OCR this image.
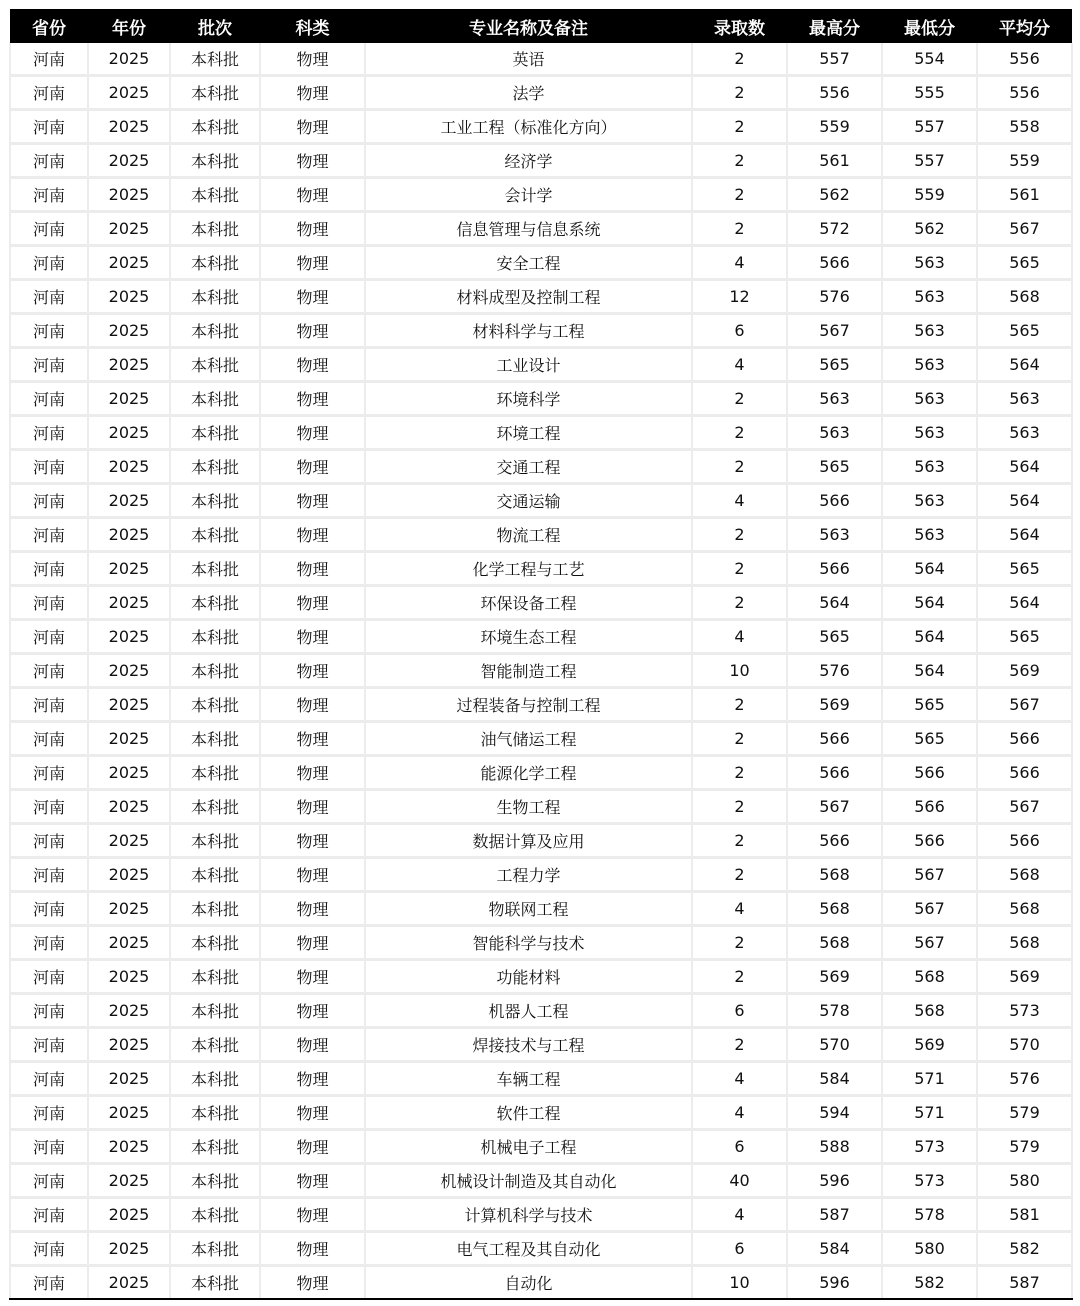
省份	年份	批次	科类	专业名称及备注	录取数	最高分	最低分	平均分
河南	2025	本科批	物理	英语	2	557	554	556
河南	2025	本科批	物理	法学	2	556	555	556
河南	2025	本科批	物理	工业工程（标准化方向）	2	559	557	558
河南	2025	本科批	物理	经济学	2	561	557	559
河南	2025	本科批	物理	会计学	2	562	559	561
河南	2025	本科批	物理	信息管理与信息系统	2	572	562	567
河南	2025	本科批	物理	安全工程	4	566	563	565
河南	2025	本科批	物理	材料成型及控制工程	12	576	563	568
河南	2025	本科批	物理	材料科学与工程	6	567	563	565
河南	2025	本科批	物理	工业设计	4	565	563	564
河南	2025	本科批	物理	环境科学	2	563	563	563
河南	2025	本科批	物理	环境工程	2	563	563	563
河南	2025	本科批	物理	交通工程	2	565	563	564
河南	2025	本科批	物理	交通运输	4	566	563	564
河南	2025	本科批	物理	物流工程	2	563	563	564
河南	2025	本科批	物理	化学工程与工艺	2	566	564	565
河南	2025	本科批	物理	环保设备工程	2	564	564	564
河南	2025	本科批	物理	环境生态工程	4	565	564	565
河南	2025	本科批	物理	智能制造工程	10	576	564	569
河南	2025	本科批	物理	过程装备与控制工程	2	569	565	567
河南	2025	本科批	物理	油气储运工程	2	566	565	566
河南	2025	本科批	物理	能源化学工程	2	566	566	566
河南	2025	本科批	物理	生物工程	2	567	566	567
河南	2025	本科批	物理	数据计算及应用	2	566	566	566
河南	2025	本科批	物理	工程力学	2	568	567	568
河南	2025	本科批	物理	物联网工程	4	568	567	568
河南	2025	本科批	物理	智能科学与技术	2	568	567	568
河南	2025	本科批	物理	功能材料	2	569	568	569
河南	2025	本科批	物理	机器人工程	6	578	568	573
河南	2025	本科批	物理	焊接技术与工程	2	570	569	570
河南	2025	本科批	物理	车辆工程	4	584	571	576
河南	2025	本科批	物理	软件工程	4	594	571	579
河南	2025	本科批	物理	机械电子工程	6	588	573	579
河南	2025	本科批	物理	机械设计制造及其自动化	40	596	573	580
河南	2025	本科批	物理	计算机科学与技术	4	587	578	581
河南	2025	本科批	物理	电气工程及其自动化	6	584	580	582
河南	2025	本科批	物理	自动化	10	596	582	587
